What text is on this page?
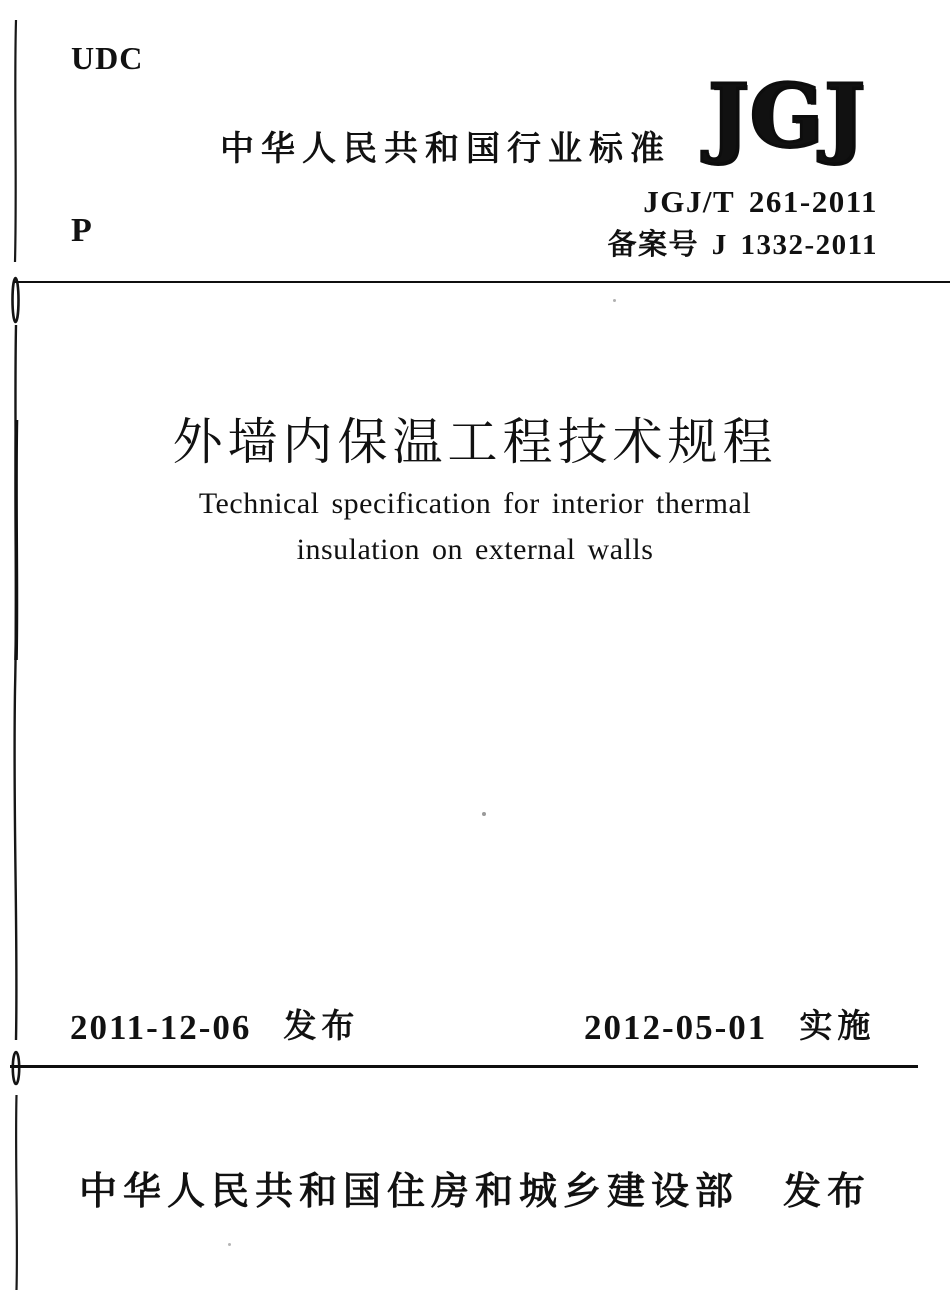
UDC
中华人民共和国行业标准 JGJ
JGJ/T 261-2011
备案号 J 1332-2011
P
外墙内保温工程技术规程
Technical specification for interior thermal
insulation on external walls
2011-12-06 发布	2012-05-01 实施
中华人民共和国住房和城乡建设部 发布
